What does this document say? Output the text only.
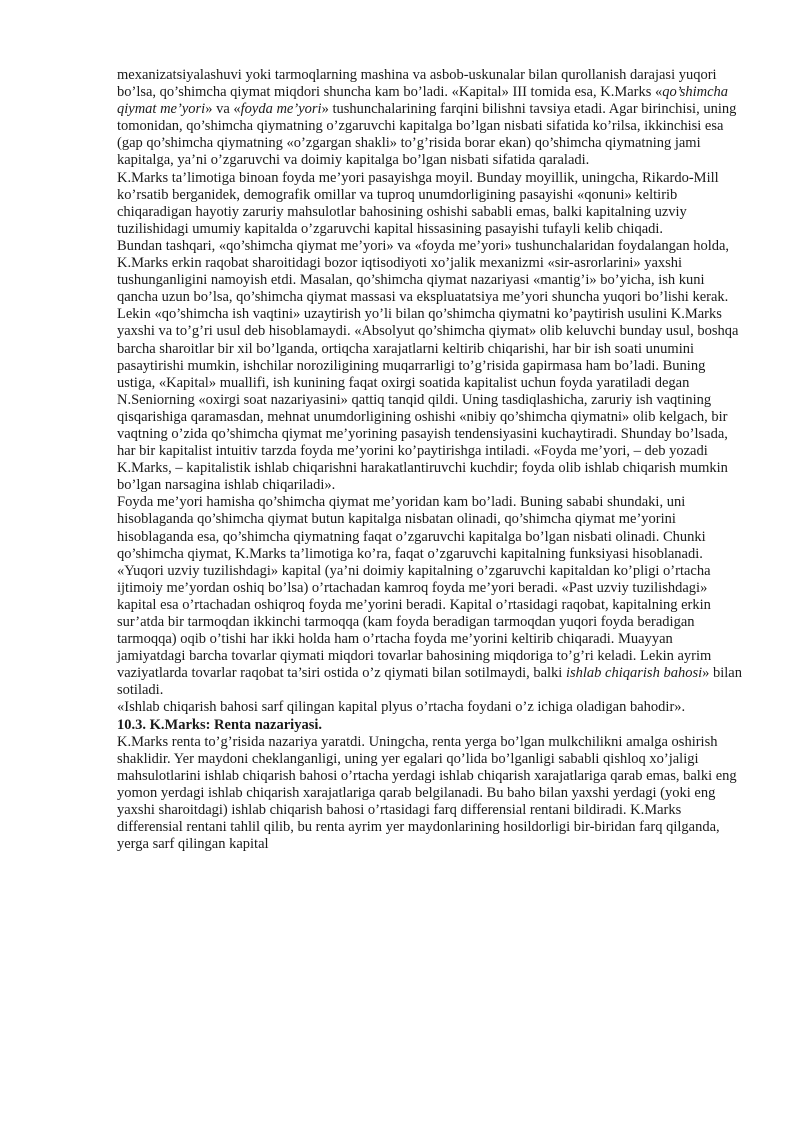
mexanizatsiyalashuvi yoki tarmoqlarning mashina va asbob-uskunalar bilan qurollanish darajasi yuqori bo’lsa, qo’shimcha qiymat miqdori shuncha kam bo’ladi. «Kapital» III tomida esa, K.Marks «qo’shimcha qiymat me’yori» va «foyda me’yori» tushunchalarining farqini bilishni tavsiya etadi. Agar birinchisi, uning tomonidan, qo’shimcha qiymatning o’zgaruvchi kapitalga bo’lgan nisbati sifatida ko’rilsa, ikkinchisi esa (gap qo’shimcha qiymatning «o’zgargan shakli» to’g’risida borar ekan) qo’shimcha qiymatning jami kapitalga, ya’ni o’zgaruvchi va doimiy kapitalga bo’lgan nisbati sifatida qaraladi.

K.Marks ta’limotiga binoan foyda me’yori pasayishga moyil. Bunday moyillik, uningcha, Rikardo-Mill ko’rsatib berganidek, demografik omillar va tuproq unumdorligining pasayishi «qonuni» keltirib chiqaradigan hayotiy zaruriy mahsulotlar bahosining oshishi sababli emas, balki kapitalning uzviy tuzilishidagi umumiy kapitalda o’zgaruvchi kapital hissasining pasayishi tufayli kelib chiqadi.

Bundan tashqari, «qo’shimcha qiymat me’yori» va «foyda me’yori» tushunchalaridan foydalangan holda, K.Marks erkin raqobat sharoitidagi bozor iqtisodiyoti xo’jalik mexanizmi «sir-asrorlarini» yaxshi tushunganligini namoyish etdi. Masalan, qo’shimcha qiymat nazariyasi «mantig’i» bo’yicha, ish kuni qancha uzun bo’lsa, qo’shimcha qiymat massasi va ekspluatatsiya me’yori shuncha yuqori bo’lishi kerak. Lekin «qo’shimcha ish vaqtini» uzaytirish yo’li bilan qo’shimcha qiymatni ko’paytirish usulini K.Marks yaxshi va to’g’ri usul deb hisoblamaydi. «Absolyut qo’shimcha qiymat» olib keluvchi bunday usul, boshqa barcha sharoitlar bir xil bo’lganda, ortiqcha xarajatlarni keltirib chiqarishi, har bir ish soati unumini pasaytirishi mumkin, ishchilar noroziligining muqarrarligi to’g’risida gapirmasa ham bo’ladi. Buning ustiga, «Kapital» muallifi, ish kunining faqat oxirgi soatida kapitalist uchun foyda yaratiladi degan N.Seniorning «oxirgi soat nazariyasini» qattiq tanqid qildi. Uning tasdiqlashicha, zaruriy ish vaqtining qisqarishiga qaramasdan, mehnat unumdorligining oshishi «nibiy qo’shimcha qiymatni» olib kelgach, bir vaqtning o’zida qo’shimcha qiymat me’yorining pasayish tendensiyasini kuchaytiradi. Shunday bo’lsada, har bir kapitalist intuitiv tarzda foyda me’yorini ko’paytirishga intiladi. «Foyda me’yori, – deb yozadi K.Marks, – kapitalistik ishlab chiqarishni harakatlantiruvchi kuchdir; foyda olib ishlab chiqarish mumkin bo’lgan narsagina ishlab chiqariladi».

Foyda me’yori hamisha qo’shimcha qiymat me’yoridan kam bo’ladi. Buning sababi shundaki, uni hisoblaganda qo’shimcha qiymat butun kapitalga nisbatan olinadi, qo’shimcha qiymat me’yorini hisoblaganda esa, qo’shimcha qiymatning faqat o’zgaruvchi kapitalga bo’lgan nisbati olinadi. Chunki qo’shimcha qiymat, K.Marks ta’limotiga ko’ra, faqat o’zgaruvchi kapitalning funksiyasi hisoblanadi.

«Yuqori uzviy tuzilishdagi» kapital (ya’ni doimiy kapitalning o’zgaruvchi kapitaldan ko’pligi o’rtacha ijtimoiy me’yordan oshiq bo’lsa) o’rtachadan kamroq foyda me’yori beradi. «Past uzviy tuzilishdagi» kapital esa o’rtachadan oshiqroq foyda me’yorini beradi. Kapital o’rtasidagi raqobat, kapitalning erkin sur’atda bir tarmoqdan ikkinchi tarmoqqa (kam foyda beradigan tarmoqdan yuqori foyda beradigan tarmoqqa) oqib o’tishi har ikki holda ham o’rtacha foyda me’yorini keltirib chiqaradi. Muayyan jamiyatdagi barcha tovarlar qiymati miqdori tovarlar bahosining miqdoriga to’g’ri keladi. Lekin ayrim vaziyatlarda tovarlar raqobat ta’siri ostida o’z qiymati bilan sotilmaydi, balki ishlab chiqarish bahosi» bilan sotiladi.

«Ishlab chiqarish bahosi sarf qilingan kapital plyus o’rtacha foydani o’z ichiga oladigan bahodir».

10.3. K.Marks: Renta nazariyasi.

K.Marks renta to’g’risida nazariya yaratdi. Uningcha, renta yerga bo’lgan mulkchilikni amalga oshirish shaklidir. Yer maydoni cheklanganligi, uning yer egalari qo’lida bo’lganligi sababli qishloq xo’jaligi mahsulotlarini ishlab chiqarish bahosi o’rtacha yerdagi ishlab chiqarish xarajatlariga qarab emas, balki eng yomon yerdagi ishlab chiqarish xarajatlariga qarab belgilanadi. Bu baho bilan yaxshi yerdagi (yoki eng yaxshi sharoitdagi) ishlab chiqarish bahosi o’rtasidagi farq differensial rentani bildiradi. K.Marks differensial rentani tahlil qilib, bu renta ayrim yer maydonlarining hosildorligi bir-biridan farq qilganda, yerga sarf qilingan kapital
